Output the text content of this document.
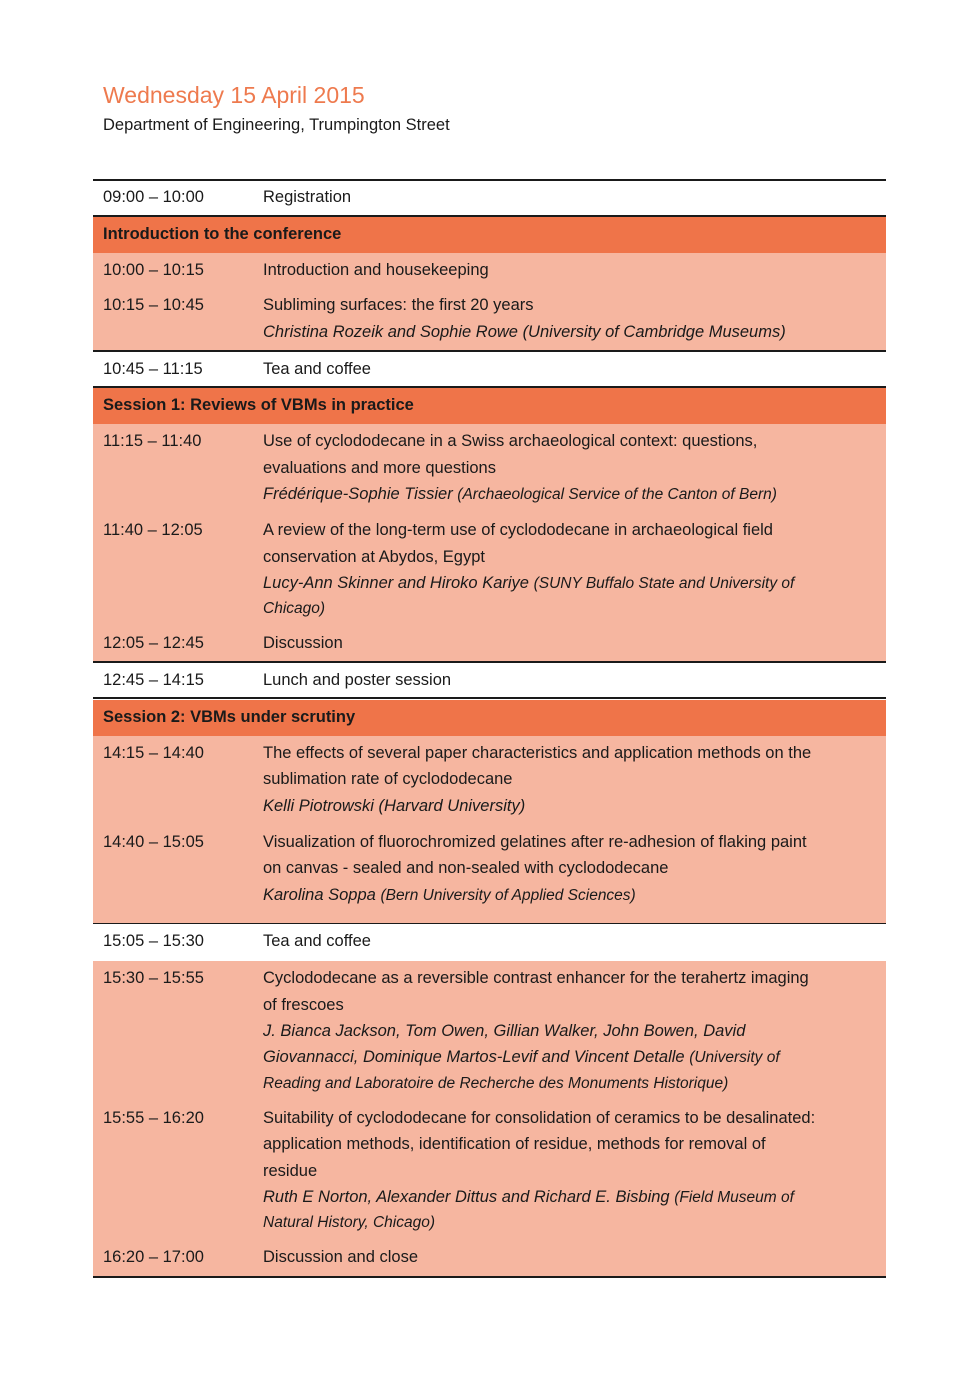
Wednesday 15 April 2015
Department of Engineering, Trumpington Street
09:00 – 10:00	Registration
Introduction to the conference
10:00 – 10:15	Introduction and housekeeping
10:15 – 10:45	Subliming surfaces: the first 20 years
Christina Rozeik and Sophie Rowe (University of Cambridge Museums)
10:45 – 11:15	Tea and coffee
Session 1: Reviews of VBMs in practice
11:15 – 11:40	Use of cyclododecane in a Swiss archaeological context: questions,
evaluations and more questions
Frédérique-Sophie Tissier (Archaeological Service of the Canton of Bern)
11:40 – 12:05	A review of the long-term use of cyclododecane in archaeological field
conservation at Abydos, Egypt
Lucy-Ann Skinner and Hiroko Kariye (SUNY Buffalo State and University of
Chicago)
12:05 – 12:45	Discussion
12:45 – 14:15	Lunch and poster session
Session 2: VBMs under scrutiny
14:15 – 14:40	The effects of several paper characteristics and application methods on the
sublimation rate of cyclododecane
Kelli Piotrowski (Harvard University)
14:40 – 15:05	Visualization of fluorochromized gelatines after re-adhesion of flaking paint
on canvas - sealed and non-sealed with cyclododecane
Karolina Soppa (Bern University of Applied Sciences)
15:05 – 15:30	Tea and coffee
15:30 – 15:55	Cyclododecane as a reversible contrast enhancer for the terahertz imaging
of frescoes
J. Bianca Jackson, Tom Owen, Gillian Walker, John Bowen, David
Giovannacci, Dominique Martos-Levif and Vincent Detalle (University of
Reading and Laboratoire de Recherche des Monuments Historique)
15:55 – 16:20	Suitability of cyclododecane for consolidation of ceramics to be desalinated:
application methods, identification of residue, methods for removal of
residue
Ruth E Norton, Alexander Dittus and Richard E. Bisbing (Field Museum of
Natural History, Chicago)
16:20 – 17:00	Discussion and close
